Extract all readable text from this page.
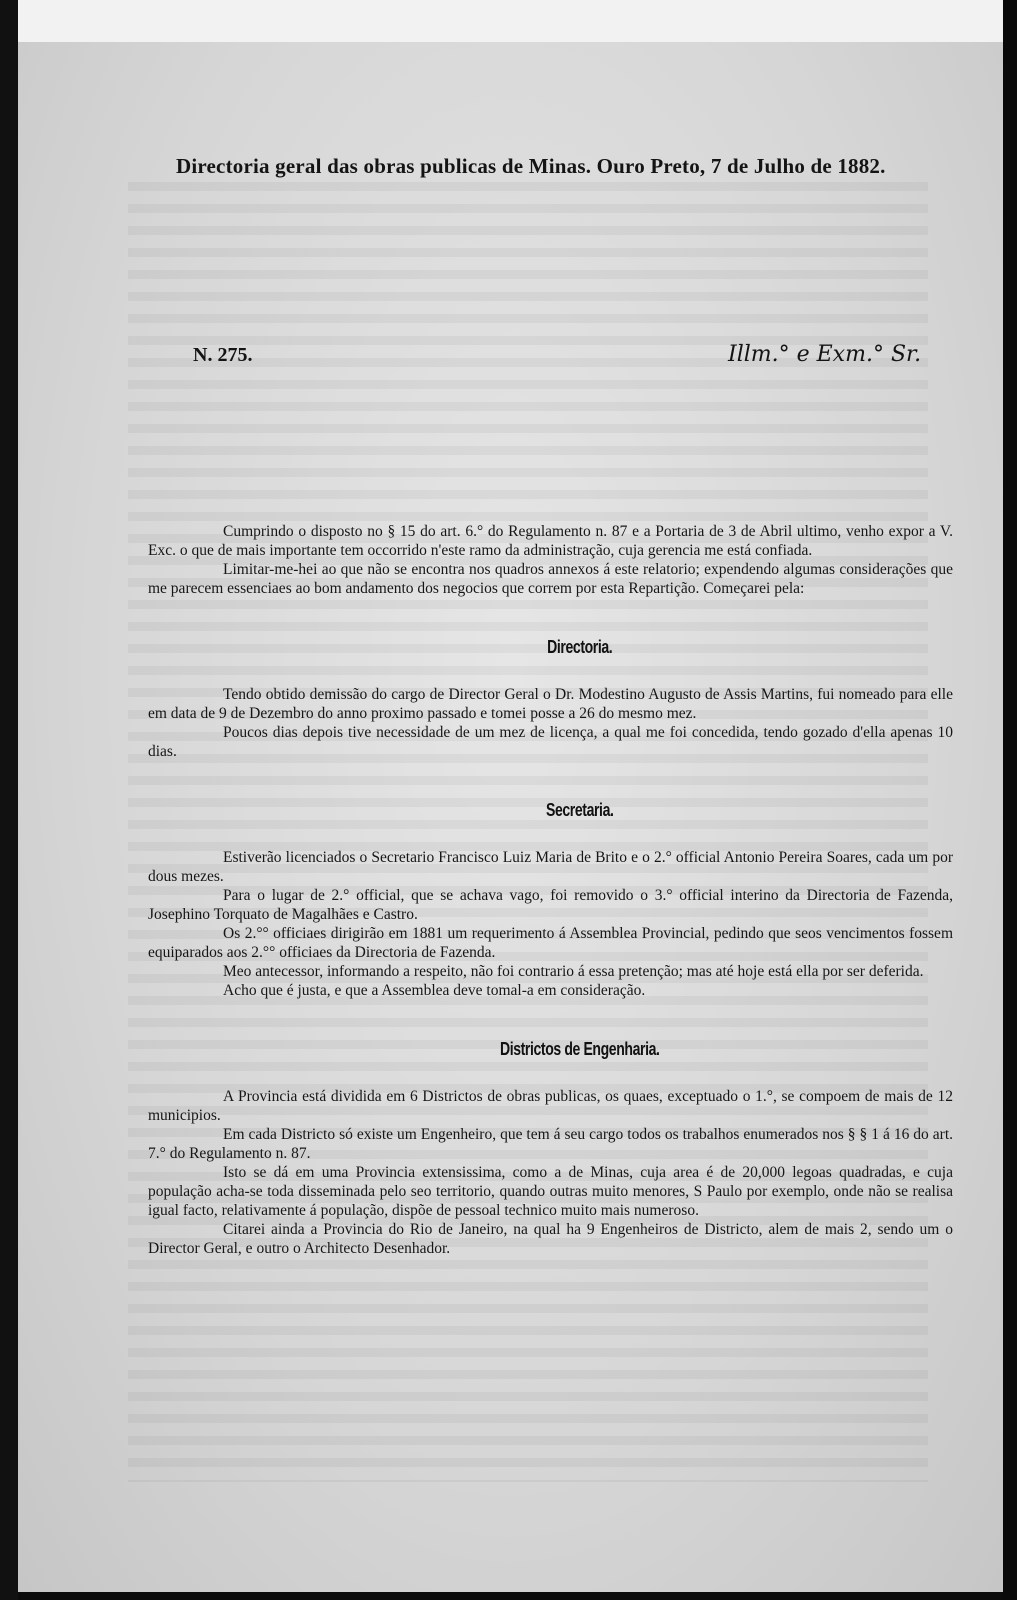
Directoria geral das obras publicas de Minas. Ouro Preto, 7 de Julho de 1882.
N. 275.	Illm.° e Exm.° Sr.

Cumprindo o disposto no § 15 do art. 6.° do Regulamento n. 87 e a Portaria de 3 de Abril ultimo, venho expor a V. Exc. o que de mais importante tem occorrido n'este ramo da administração, cuja gerencia me está confiada.

Limitar-me-hei ao que não se encontra nos quadros annexos á este relatorio; expendendo algumas considerações que me parecem essenciaes ao bom andamento dos negocios que correm por esta Repartição. Começarei pela:

Directoria.

Tendo obtido demissão do cargo de Director Geral o Dr. Modestino Augusto de Assis Martins, fui nomeado para elle em data de 9 de Dezembro do anno proximo passado e tomei posse a 26 do mesmo mez.

Poucos dias depois tive necessidade de um mez de licença, a qual me foi concedida, tendo gozado d'ella apenas 10 dias.

Secretaria.

Estiverão licenciados o Secretario Francisco Luiz Maria de Brito e o 2.° official Antonio Pereira Soares, cada um por dous mezes.

Para o lugar de 2.° official, que se achava vago, foi removido o 3.° official interino da Directoria de Fazenda, Josephino Torquato de Magalhães e Castro.

Os 2.°° officiaes dirigirão em 1881 um requerimento á Assemblea Provincial, pedindo que seos vencimentos fossem equiparados aos 2.°° officiaes da Directoria de Fazenda.

Meo antecessor, informando a respeito, não foi contrario á essa pretenção; mas até hoje está ella por ser deferida.

Acho que é justa, e que a Assemblea deve tomal-a em consideração.

Districtos de Engenharia.

A Provincia está dividida em 6 Districtos de obras publicas, os quaes, exceptuado o 1.°, se compoem de mais de 12 municipios.

Em cada Districto só existe um Engenheiro, que tem á seu cargo todos os trabalhos enumerados nos § § 1 á 16 do art. 7.° do Regulamento n. 87.

Isto se dá em uma Provincia extensissima, como a de Minas, cuja area é de 20,000 legoas quadradas, e cuja população acha-se toda disseminada pelo seo territorio, quando outras muito menores, S Paulo por exemplo, onde não se realisa igual facto, relativamente á população, dispõe de pessoal technico muito mais numeroso.

Citarei ainda a Provincia do Rio de Janeiro, na qual ha 9 Engenheiros de Districto, alem de mais 2, sendo um o Director Geral, e outro o Architecto Desenhador.
